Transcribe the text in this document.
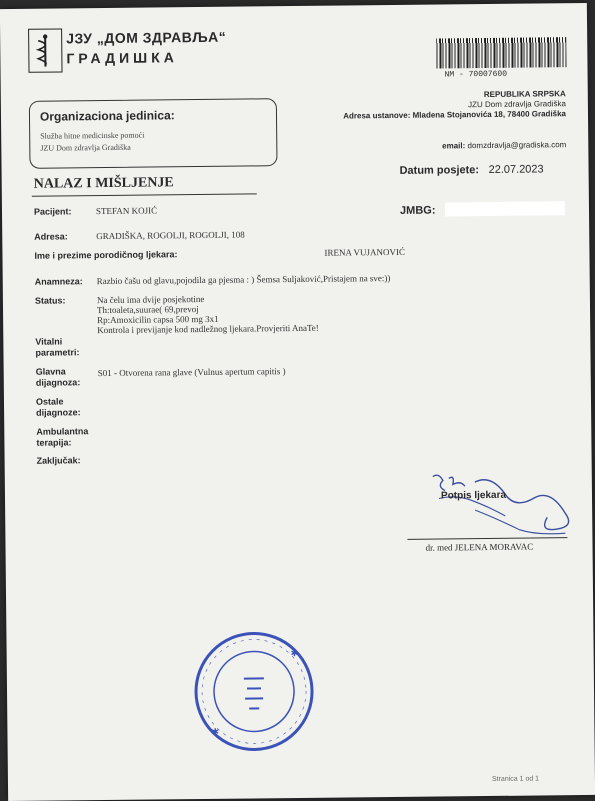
ЈЗУ „ДОМ ЗДРАВЉА“
ГРАДИШКА
NM - 70007600
REPUBLIKA SRPSKA
JZU Dom zdravlja Gradiška
Adresa ustanove: Mladena Stojanovića 18, 78400 Gradiška
Organizaciona jedinica:
Služba hitne medicinske pomoći
JZU Dom zdravlja Gradiška	email: domzdravlja@gradiska.com
Datum posjete: 22.07.2023
NALAZ I MIŠLJENJE
Pacijent:	STEFAN KOJIĆ	JMBG:
Adresa:	GRADIŠKA, ROGOLJI, ROGOLJI, 108
Ime i prezime porodičnog ljekara:	IRENA VUJANOVIĆ
Anamneza: Razbio čašu od glavu,pojodila ga pjesma : ) Šemsa Suljaković,Pristajem na sve:))
Status:	Na čelu ima dvije posjekotine
Th:toaleta,suurae( 69,prevoj
Rp:Amoxicilin capsa 500 mg 3x1
Kontrola i previjanje kod nadležnog ljekara.Provjeriti AnaTe!
Vitalni
parametri:
Glavna
dijagnoza:
S01 - Otvorena rana glave (Vulnus apertum capitis )
Ostale
dijagnoze:
Ambulantna
terapija:
Zaključak:
Potpis ljekara
dr. med JELENA MORAVAC
✱
✱
Stranica 1 od 1
